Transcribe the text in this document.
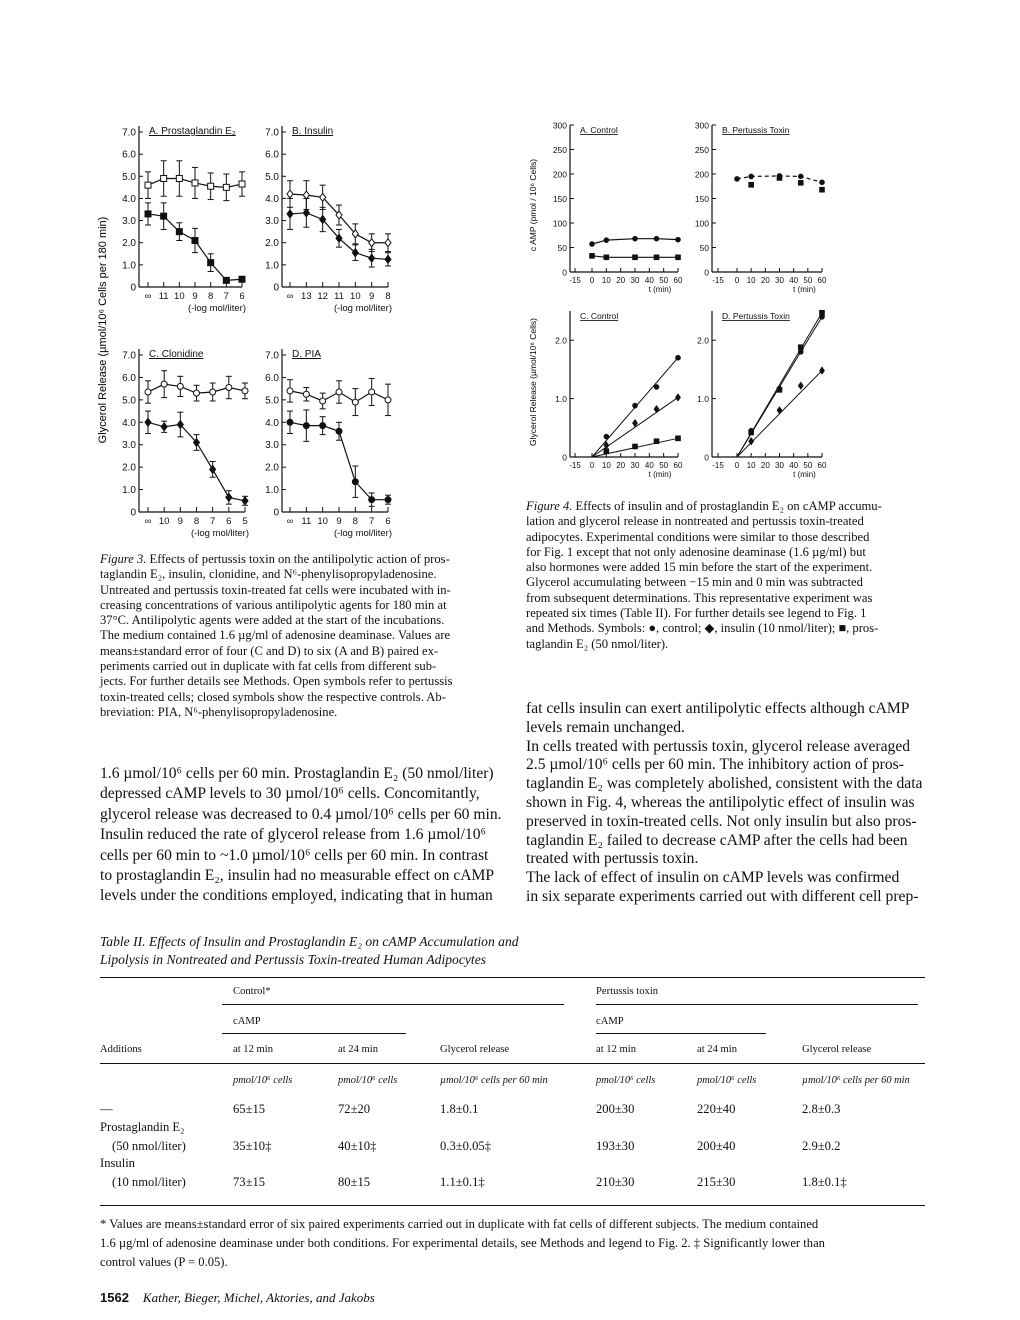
0
1.0
2.0
3.0
4.0
5.0
6.0
7.0
∞ 11 10 9 8 7 6
(-log mol/liter)
A. Prostaglandin E₂
0
1.0
2.0
3.0
4.0
5.0
6.0
7.0
∞ 13 12 11 10 9 8
(-log mol/liter)
B. Insulin
0
1.0
2.0
3.0
4.0
5.0
6.0
7.0
∞ 10 9 8 7 6 5
(-log mol/liter)
C. Clonidine
0
1.0
2.0
3.0
4.0
5.0
6.0
7.0
∞ 11 10 9 8 7 6
(-log mol/liter)
D. PIA
0
50
100
150
200
250
300
-15 0 10 20 30 40 50 60
t (min)
A. Control
0
50
100
150
200
250
300
-15 0 10 20 30 40 50 60
t (min)
B. Pertussis Toxin
0
1.0
2.0
-15 0 10 20 30 40 50 60
t (min)
C. Control
0
1.0
2.0
-15 0 10 20 30 40 50 60
t (min)
D. Pertussis Toxin
Glycerol Release (µmol/10⁶ Cells per 180 min)
c AMP (pmol / 10⁶ Cells)
Glycerol Release (µmol/10⁶ Cells)
Figure 3. Effects of pertussis toxin on the antilipolytic action of pros-
taglandin E₂, insulin, clonidine, and N⁶-phenylisopropyladenosine.
Untreated and pertussis toxin-treated fat cells were incubated with in-
creasing concentrations of various antilipolytic agents for 180 min at
37°C. Antilipolytic agents were added at the start of the incubations.
The medium contained 1.6 µg/ml of adenosine deaminase. Values are
means±standard error of four (C and D) to six (A and B) paired ex-
periments carried out in duplicate with fat cells from different sub-
jects. For further details see Methods. Open symbols refer to pertussis
toxin-treated cells; closed symbols show the respective controls. Ab-
breviation: PIA, N⁶-phenylisopropyladenosine.
Figure 4. Effects of insulin and of prostaglandin E₂ on cAMP accumu-
lation and glycerol release in nontreated and pertussis toxin-treated
adipocytes. Experimental conditions were similar to those described
for Fig. 1 except that not only adenosine deaminase (1.6 µg/ml) but
also hormones were added 15 min before the start of the experiment.
Glycerol accumulating between −15 min and 0 min was subtracted
from subsequent determinations. This representative experiment was
repeated six times (Table II). For further details see legend to Fig. 1
and Methods. Symbols: ●, control; ◆, insulin (10 nmol/liter); ■, pros-
taglandin E₂ (50 nmol/liter).
1.6 µmol/10⁶ cells per 60 min. Prostaglandin E₂ (50 nmol/liter)
depressed cAMP levels to 30 µmol/10⁶ cells. Concomitantly,
glycerol release was decreased to 0.4 µmol/10⁶ cells per 60 min.
Insulin reduced the rate of glycerol release from 1.6 µmol/10⁶
cells per 60 min to ~1.0 µmol/10⁶ cells per 60 min. In contrast
to prostaglandin E₂, insulin had no measurable effect on cAMP
levels under the conditions employed, indicating that in human
fat cells insulin can exert antilipolytic effects although cAMP
levels remain unchanged.
In cells treated with pertussis toxin, glycerol release averaged
2.5 µmol/10⁶ cells per 60 min. The inhibitory action of pros-
taglandin E₂ was completely abolished, consistent with the data
shown in Fig. 4, whereas the antilipolytic effect of insulin was
preserved in toxin-treated cells. Not only insulin but also pros-
taglandin E₂ failed to decrease cAMP after the cells had been
treated with pertussis toxin.
The lack of effect of insulin on cAMP levels was confirmed
in six separate experiments carried out with different cell prep-
Table II. Effects of Insulin and Prostaglandin E₂ on cAMP Accumulation and
Lipolysis in Nontreated and Pertussis Toxin-treated Human Adipocytes
Control*	Pertussis toxin
cAMP	cAMP
Additions	at 12 min	at 24 min	Glycerol release	at 12 min	at 24 min	Glycerol release
pmol/10⁶ cells	pmol/10⁶ cells	µmol/10⁶ cells per 60 min	pmol/10⁶ cells	pmol/10⁶ cells	µmol/10⁶ cells per 60 min
—	65±15	72±20	1.8±0.1	200±30	220±40	2.8±0.3
Prostaglandin E₂
(50 nmol/liter)	35±10‡	40±10‡	0.3±0.05‡	193±30	200±40	2.9±0.2
Insulin
(10 nmol/liter)	73±15	80±15	1.1±0.1‡	210±30	215±30	1.8±0.1‡
* Values are means±standard error of six paired experiments carried out in duplicate with fat cells of different subjects. The medium contained
1.6 µg/ml of adenosine deaminase under both conditions. For experimental details, see Methods and legend to Fig. 2. ‡ Significantly lower than
control values (P = 0.05).
1562 Kather, Bieger, Michel, Aktories, and Jakobs
